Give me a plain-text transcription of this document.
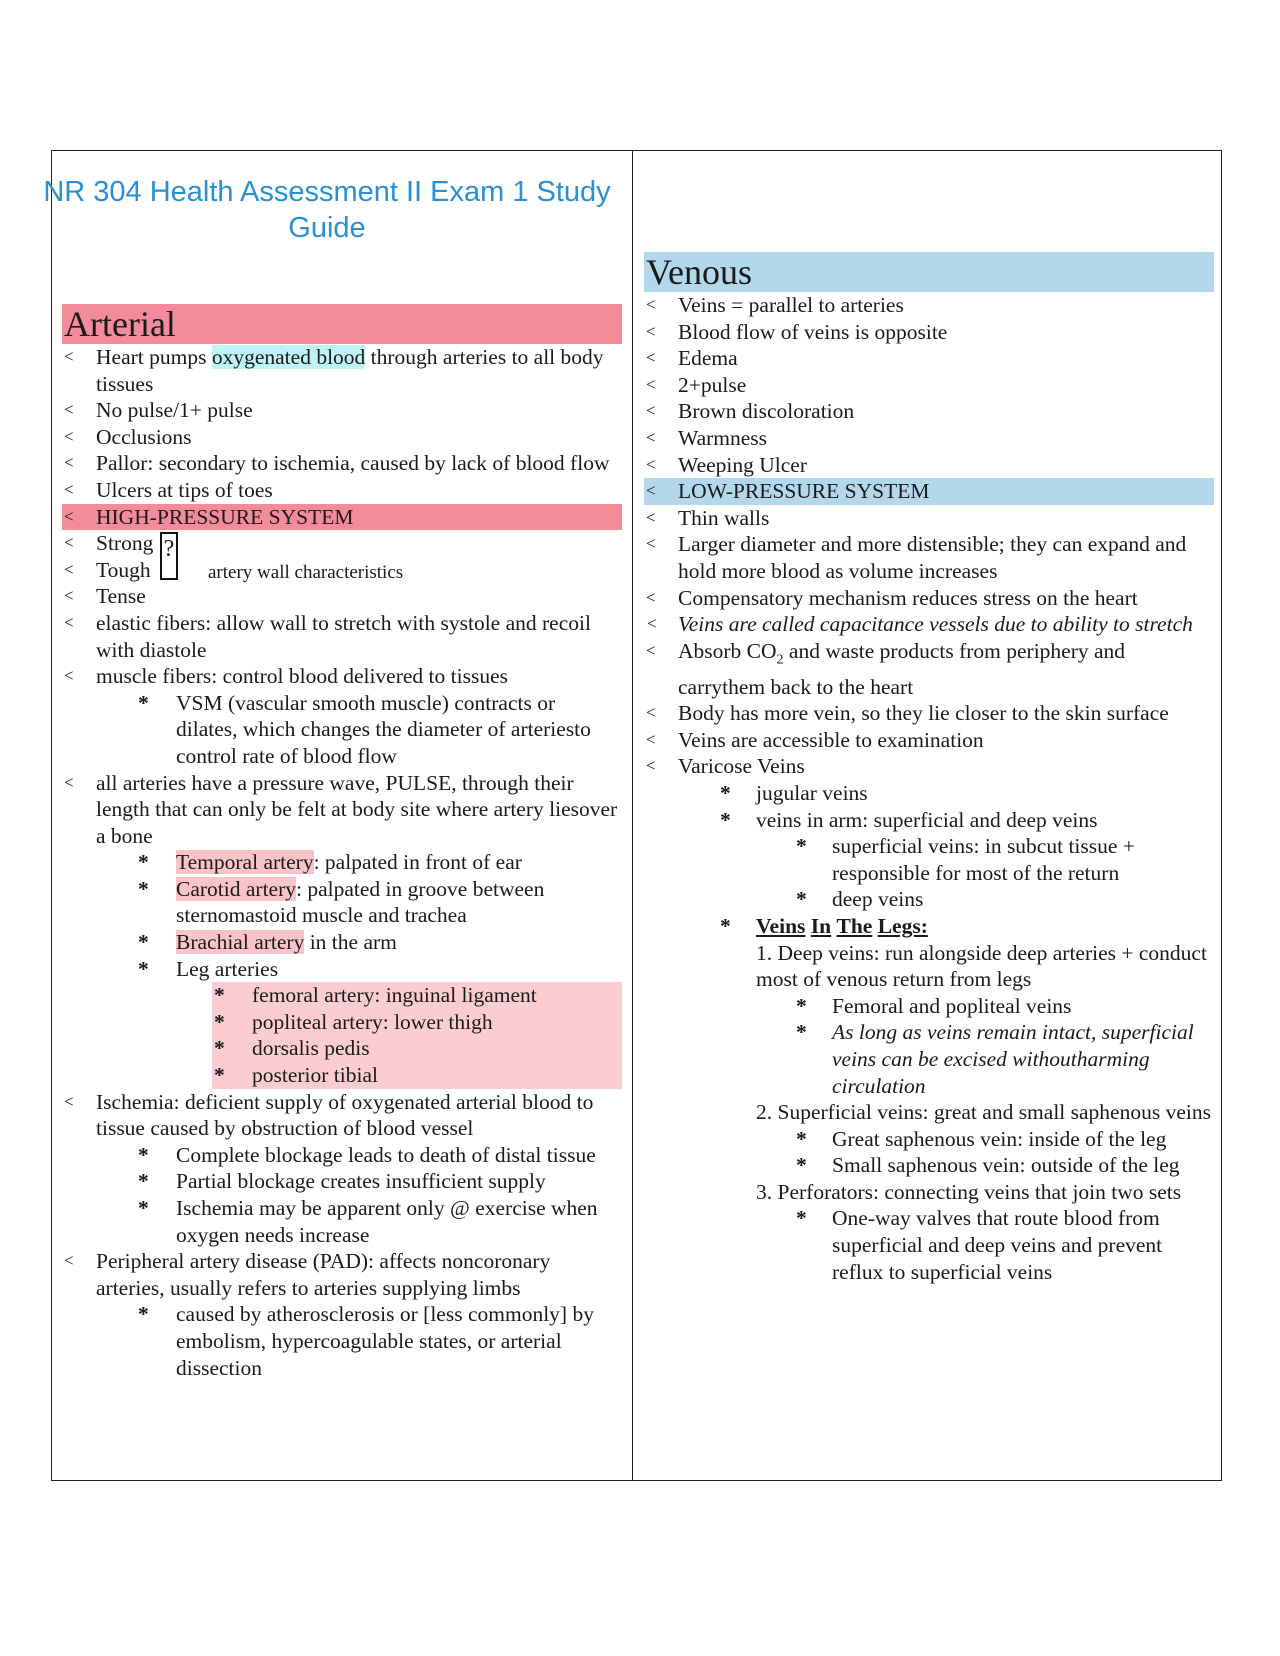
NR 304 Health Assessment II Exam 1 Study Guide
Arterial
< Heart pumps oxygenated blood through arteries to all body tissues
< No pulse/1+ pulse
< Occlusions
< Pallor: secondary to ischemia, caused by lack of blood flow
< Ulcers at tips of toes
< HIGH-PRESSURE SYSTEM
< Strong
< Tough
< Tense
?
artery wall characteristics
< elastic fibers: allow wall to stretch with systole and recoil with diastole
< muscle fibers: control blood delivered to tissues
* VSM (vascular smooth muscle) contracts or dilates, which changes the diameter of arteriesto control rate of blood flow
< all arteries have a pressure wave, PULSE, through their length that can only be felt at body site where artery liesover a bone
* Temporal artery: palpated in front of ear
* Carotid artery: palpated in groove between sternomastoid muscle and trachea
* Brachial artery in the arm
* Leg arteries
* femoral artery: inguinal ligament
* popliteal artery: lower thigh
* dorsalis pedis
* posterior tibial
< Ischemia: deficient supply of oxygenated arterial blood to tissue caused by obstruction of blood vessel
* Complete blockage leads to death of distal tissue
* Partial blockage creates insufficient supply
* Ischemia may be apparent only @ exercise when oxygen needs increase
< Peripheral artery disease (PAD): affects noncoronary arteries, usually refers to arteries supplying limbs
* caused by atherosclerosis or [less commonly] by embolism, hypercoagulable states, or arterial dissection
Venous
< Veins = parallel to arteries
< Blood flow of veins is opposite
< Edema
< 2+pulse
< Brown discoloration
< Warmness
< Weeping Ulcer
< LOW-PRESSURE SYSTEM
< Thin walls
< Larger diameter and more distensible; they can expand and hold more blood as volume increases
< Compensatory mechanism reduces stress on the heart
< Veins are called capacitance vessels due to ability to stretch
< Absorb $CO_2$ and waste products from periphery and carrythem back to the heart
< Body has more vein, so they lie closer to the skin surface
< Veins are accessible to examination
< Varicose Veins
* jugular veins
* veins in arm: superficial and deep veins
* superficial veins: in subcut tissue + responsible for most of the return
* deep veins
* Veins In The Legs:
1. Deep veins: run alongside deep arteries + conduct most of venous return from legs
* Femoral and popliteal veins
* As long as veins remain intact, superficial veins can be excised withoutharming circulation
2. Superficial veins: great and small saphenous veins
* Great saphenous vein: inside of the leg
* Small saphenous vein: outside of the leg
3. Perforators: connecting veins that join two sets
* One-way valves that route blood from superficial and deep veins and prevent reflux to superficial veins
